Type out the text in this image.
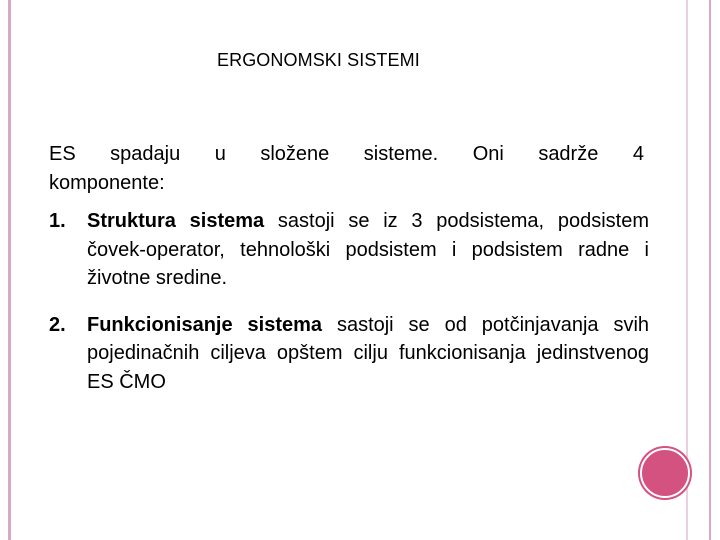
ERGONOMSKI SISTEMI
ES spadaju u složene sisteme. Oni sadrže 4
komponente:
1. Struktura sistema sastoji se iz 3 podsistema, podsistem čovek-operator, tehnološki podsistem i podsistem radne i životne sredine.
2. Funkcionisanje sistema sastoji se od potčinjavanja svih pojedinačnih ciljeva opštem cilju funkcionisanja jedinstvenog ES ČMO
